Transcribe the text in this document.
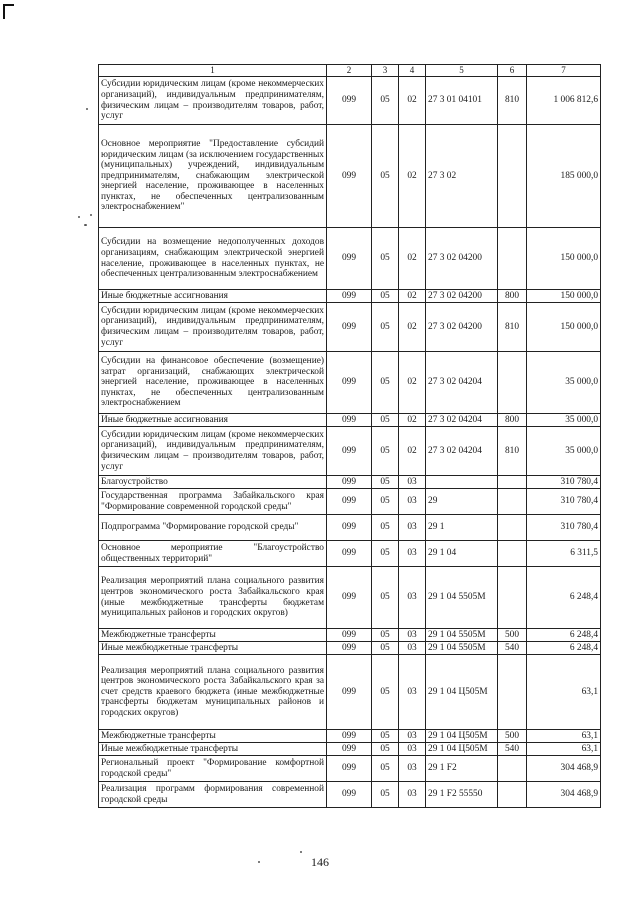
1	2	3	4	5	6	7
Субсидии юридическим лицам (кроме некоммерческих организаций), индивидуальным предпринимателям, физическим лицам – производителям товаров, работ, услуг	099	05	02	27 3 01 04101	810	1 006 812,6
Основное мероприятие "Предоставление субсидий юридическим лицам (за исключением государственных (муниципальных) учреждений, индивидуальным предпринимателям, снабжающим электрической энергией население, проживающее в населенных пунктах, не обеспеченных централизованным электроснабжением"	099	05	02	27 3 02		185 000,0
Субсидии на возмещение недополученных доходов организациям, снабжающим электрической энергией население, проживающее в населенных пунктах, не обеспеченных централизованным электроснабжением	099	05	02	27 3 02 04200		150 000,0
Иные бюджетные ассигнования	099	05	02	27 3 02 04200	800	150 000,0
Субсидии юридическим лицам (кроме некоммерческих организаций), индивидуальным предпринимателям, физическим лицам – производителям товаров, работ, услуг	099	05	02	27 3 02 04200	810	150 000,0
Субсидии на финансовое обеспечение (возмещение) затрат организаций, снабжающих электрической энергией население, проживающее в населенных пунктах, не обеспеченных централизованным электроснабжением	099	05	02	27 3 02 04204		35 000,0
Иные бюджетные ассигнования	099	05	02	27 3 02 04204	800	35 000,0
Субсидии юридическим лицам (кроме некоммерческих организаций), индивидуальным предпринимателям, физическим лицам – производителям товаров, работ, услуг	099	05	02	27 3 02 04204	810	35 000,0
Благоустройство	099	05	03			310 780,4
Государственная программа Забайкальского края "Формирование современной городской среды"	099	05	03	29		310 780,4
Подпрограмма "Формирование городской среды"	099	05	03	29 1		310 780,4
Основное мероприятие "Благоустройство общественных территорий"	099	05	03	29 1 04		6 311,5
Реализация мероприятий плана социального развития центров экономического роста Забайкальского края (иные межбюджетные трансферты бюджетам муниципальных районов и городских округов)	099	05	03	29 1 04 5505M		6 248,4
Межбюджетные трансферты	099	05	03	29 1 04 5505M	500	6 248,4
Иные межбюджетные трансферты	099	05	03	29 1 04 5505M	540	6 248,4
Реализация мероприятий плана социального развития центров экономического роста Забайкальского края за счет средств краевого бюджета (иные межбюджетные трансферты бюджетам муниципальных районов и городских округов)	099	05	03	29 1 04 Ц505M		63,1
Межбюджетные трансферты	099	05	03	29 1 04 Ц505M	500	63,1
Иные межбюджетные трансферты	099	05	03	29 1 04 Ц505M	540	63,1
Региональный проект "Формирование комфортной городской среды"	099	05	03	29 1 F2		304 468,9
Реализация программ формирования современной городской среды	099	05	03	29 1 F2 55550		304 468,9
146
